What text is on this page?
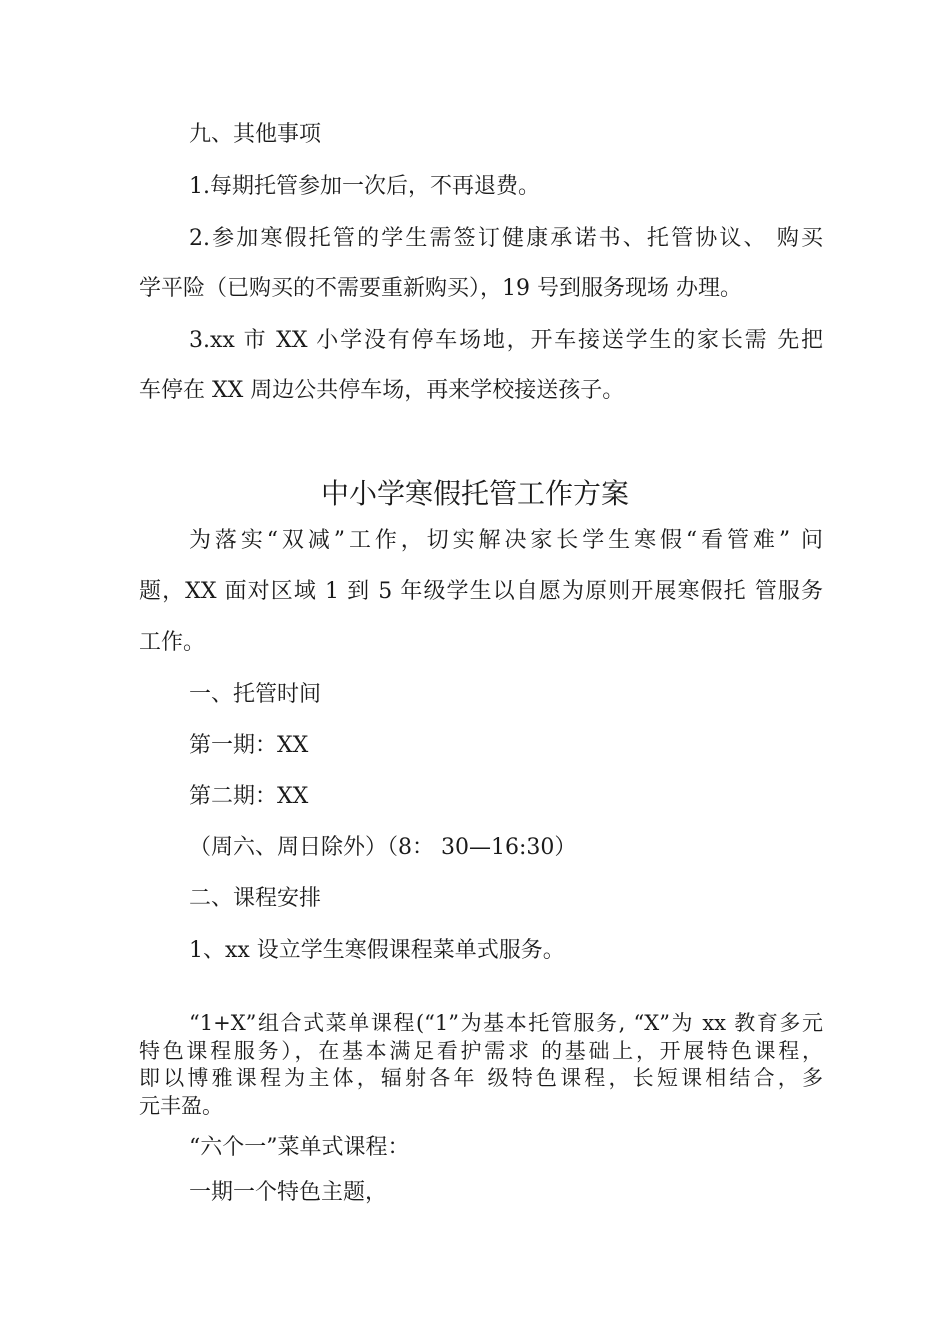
九、其他事项

1.每期托管参加一次后，不再退费。

2.参加寒假托管的学生需签订健康承诺书、托管协议、 购买

学平险（已购买的不需要重新购买），19 号到服务现场 办理。

3.xx 市 XX 小学没有停车场地，开车接送学生的家长需 先把

车停在 XX 周边公共停车场，再来学校接送孩子。

中小学寒假托管工作方案

为落实“双减”工作，切实解决家长学生寒假“看管难” 问

题，XX 面对区域 1 到 5 年级学生以自愿为原则开展寒假托 管服务

工作。

一、托管时间

第一期：XX

第二期：XX

（周六、周日除外）（8： 30—16:30）

二、课程安排

1、xx 设立学生寒假课程菜单式服务。

“1+X”组合式菜单课程(“1”为基本托管服务, “X”为 xx 教育多元

特色课程服务），在基本满足看护需求 的基础上，开展特色课程，

即以博雅课程为主体，辐射各年 级特色课程，长短课相结合，多

元丰盈。

“六个一”菜单式课程：

一期一个特色主题，
